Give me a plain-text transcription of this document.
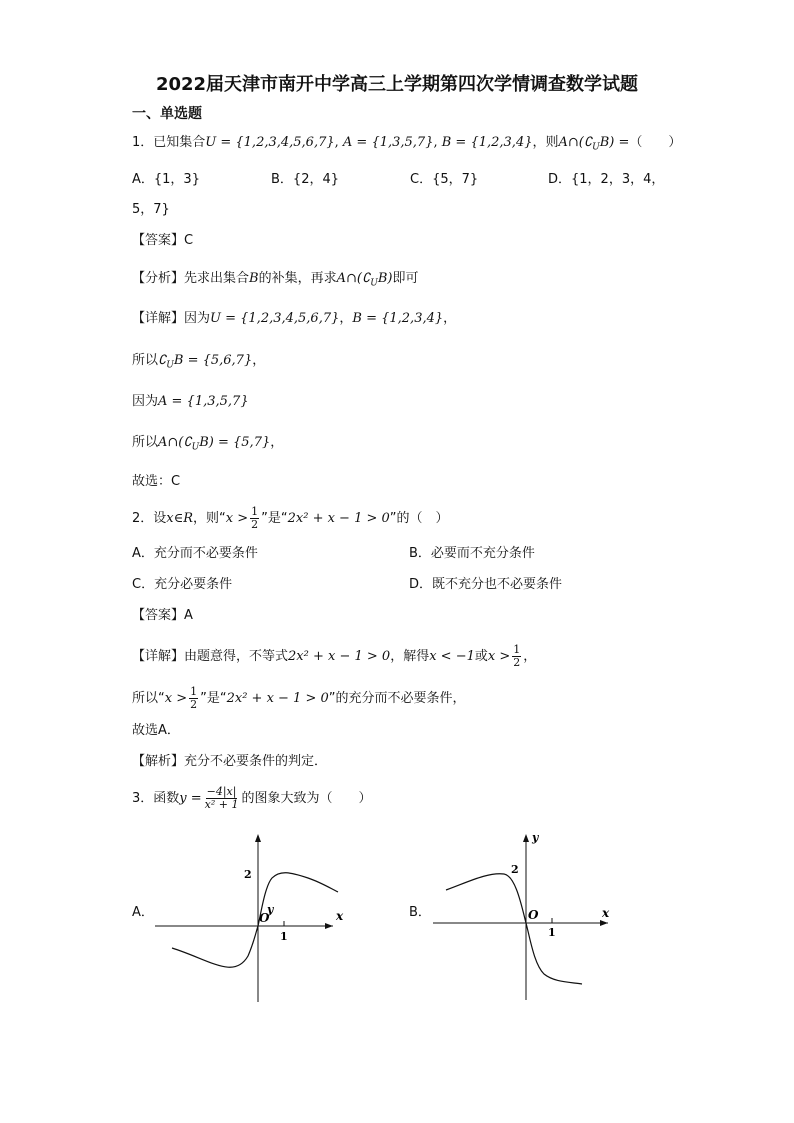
2022届天津市南开中学高三上学期第四次学情调查数学试题
一、单选题
1．已知集合U = {1,2,3,4,5,6,7}, A = {1,3,5,7}, B = {1,2,3,4}，则$A\cap(∁_UB)$ =（　　）
A．{1，3}	B．{2，4}	C．{5，7}	D．{1，2，3，4，
5，7}
【答案】C
【分析】先求出集合B的补集，再求$A\cap(∁_UB)$即可
【详解】因为U = {1,2,3,4,5,6,7}，B = {1,2,3,4}，
所以$∁_UB = \{5,6,7\}$，
因为A = {1,3,5,7}
所以$A\cap(∁_UB) = \{5,7\}$，
故选：C
2．设x∈R，则“$x > \frac{1}{2}$ ”是“2x² + x − 1 > 0”的（　）
A．充分而不必要条件	B．必要而不充分条件
C．充分必要条件	D．既不充分也不必要条件
【答案】A
【详解】由题意得，不等式2x² + x − 1 > 0，解得x < −1或$x > \frac{1}{2}$ ，
所以“$x > \frac{1}{2}$ ”是“2x² + x − 1 > 0”的充分而不必要条件，
故选A．
【解析】充分不必要条件的判定．
3．函数$y = \frac{-4|x|}{\text{x² + 1}}$ 的图象大致为（　　）
A．	y	x
O
1
2
B．
y
x
O
1
2
